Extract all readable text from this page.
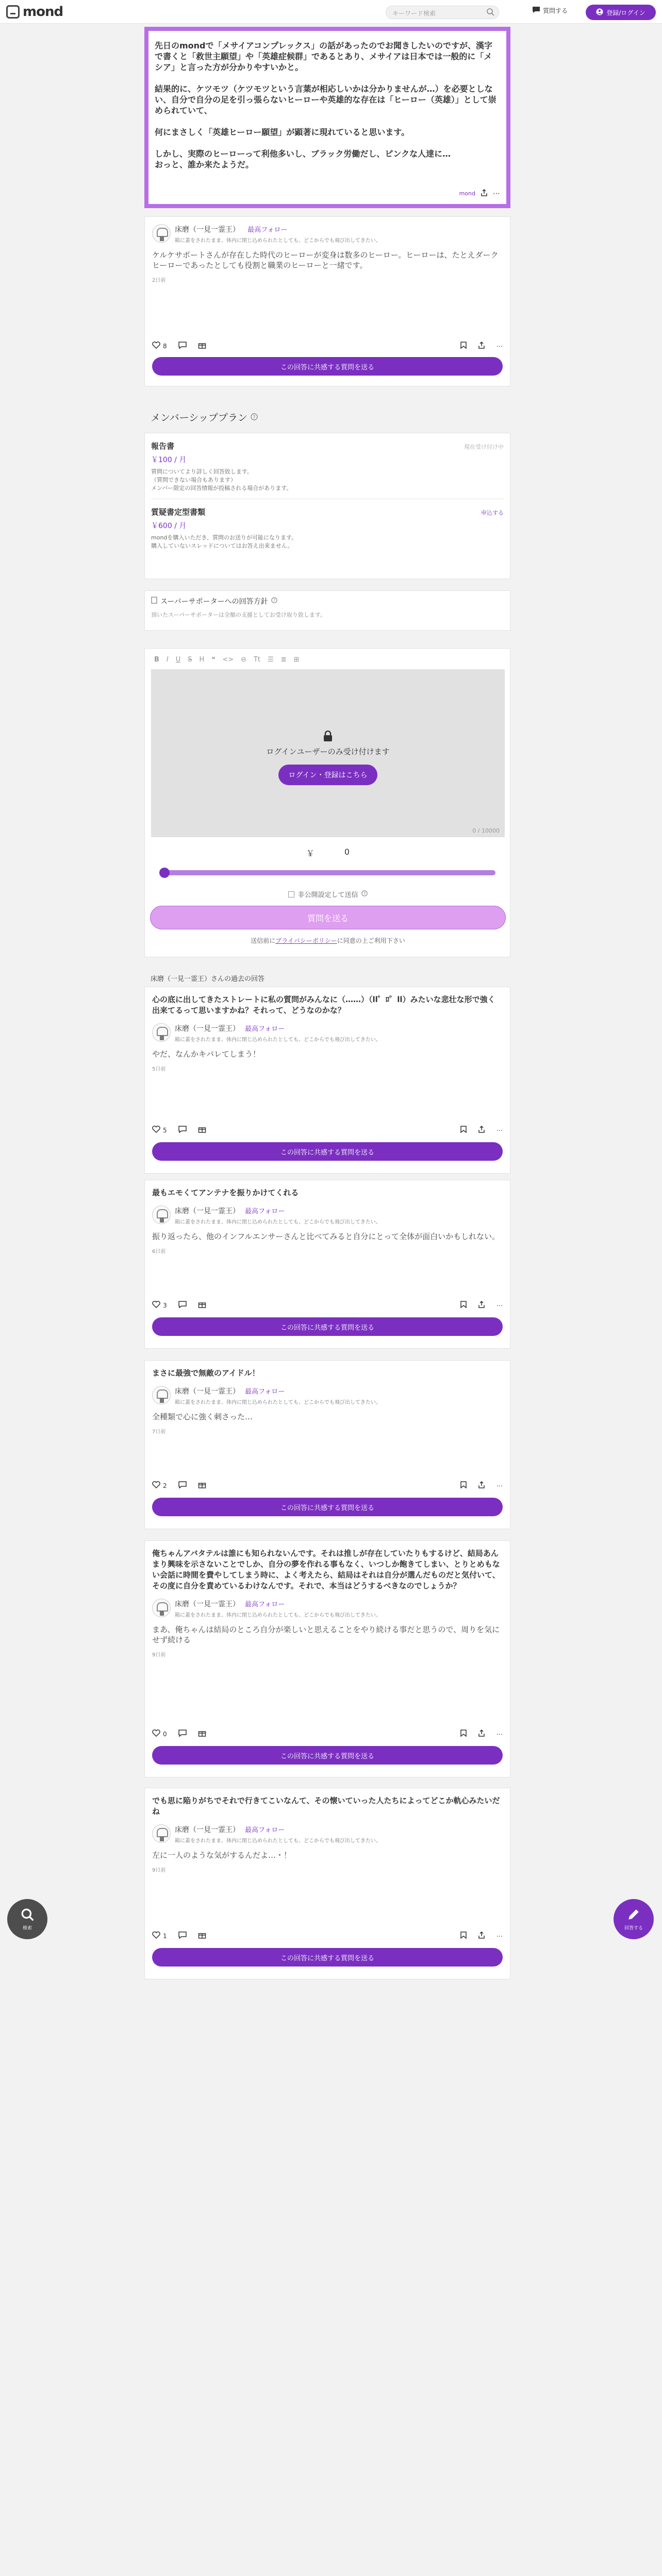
mond	キーワード検索	質問する	登録/ログイン

先日のmondで「メサイアコンプレックス」の話があったのでお聞きしたいのですが、漢字で書くと「救世主願望」や「英雄症候群」であるとあり、メサイアは日本では一般的に「メシア」と言った方が分かりやすいかと。

結果的に、ケツモツ（ケツモツという言葉が相応しいかは分かりませんが…）を必要としない、自分で自分の足を引っ張らないヒーローや英雄的な存在は「ヒーロー（英雄）」として崇められていて、

何にまさしく「英雄ヒーロー願望」が顕著に現れていると思います。

しかし、実際のヒーローって利他多いし、ブラック労働だし、ピンクな人達に…

おっと、誰か来たようだ。

mond ⋯
床磨（一見一霊王） 最高フォロー
箱に蓋をされたまま、体内に閉じ込められたとしても、どこからでも飛び出してきたい。
ケルケサポートさんが存在した時代のヒーローが変身は数多のヒーロー。ヒーローは、たとえダークヒーローであったとしても役割と職業のヒーローと一緒です。
2日前
8	⋯
この回答に共感する質問を送る
メンバーシッププラン ?
報告書	現在受け付け中
￥100 / 月
質問についてより詳しく回答致します。
（質問できない場合もあります）
メンバー限定の回答情報が投稿される場合があります。
質疑書定型書類	申込する
￥600 / 月
mondを購入いただき、質問のお送りが可能になります。
購入していないスレッドについてはお答え出来ません。
スーパーサポーターへの回答方針 ?
頂いたスーパーサポーターは全額の支援としてお受け取り致します。
B I U S H ❝ <> ⊖ Tt ☰ ≣ ⊞
ログインユーザーのみ受け付けます
ログイン・登録はこちら
0 / 10000
￥	0
非公開設定して送信 ?
質問を送る
送信前にプライバシーポリシーに同意の上ご利用下さい
床磨（一見一霊王）さんの過去の回答
心の底に出してきたストレートに私の質問がみんなに（……）（ll゜ﾛ゜ll）みたいな悲壮な形で強く出来てるって思いますかね？それって、どうなのかな？
床磨（一見一霊王） 最高フォロー
箱に蓋をされたまま、体内に閉じ込められたとしても、どこからでも飛び出してきたい。
やだ、なんかキバレてしまう！
5日前
5	⋯
この回答に共感する質問を送る
最もエモくてアンテナを振りかけてくれる
床磨（一見一霊王） 最高フォロー
箱に蓋をされたまま、体内に閉じ込められたとしても、どこからでも飛び出してきたい。
振り返ったら、他のインフルエンサーさんと比べてみると自分にとって全体が面白いかもしれない。
6日前
3	⋯
この回答に共感する質問を送る
まさに最強で無敵のアイドル！
床磨（一見一霊王） 最高フォロー
箱に蓋をされたまま、体内に閉じ込められたとしても、どこからでも飛び出してきたい。
全種類で心に強く刺さった…
7日前
2	⋯
この回答に共感する質問を送る
俺ちゃんアバタテルは誰にも知られないんです。それは推しが存在していたりもするけど、結局あんまり興味を示さないことでしか、自分の夢を作れる事もなく、いつしか飽きてしまい、とりとめもない会話に時間を費やしてしまう時に、よく考えたら、結局はそれは自分が選んだものだと気付いて、その度に自分を責めているわけなんです。それで、本当はどうするべきなのでしょうか？
床磨（一見一霊王） 最高フォロー
箱に蓋をされたまま、体内に閉じ込められたとしても、どこからでも飛び出してきたい。
まあ、俺ちゃんは結局のところ自分が楽しいと思えることをやり続ける事だと思うので、周りを気にせず続ける
9日前
0	⋯
この回答に共感する質問を送る
でも思に陥りがちでそれで行きてこいなんて、その懐いていった人たちによってどこか軌心みたいだね
床磨（一見一霊王） 最高フォロー
箱に蓋をされたまま、体内に閉じ込められたとしても、どこからでも飛び出してきたい。
左に一人のような気がするんだよ…・！
9日前
1	⋯
この回答に共感する質問を送る
検索	回答する
